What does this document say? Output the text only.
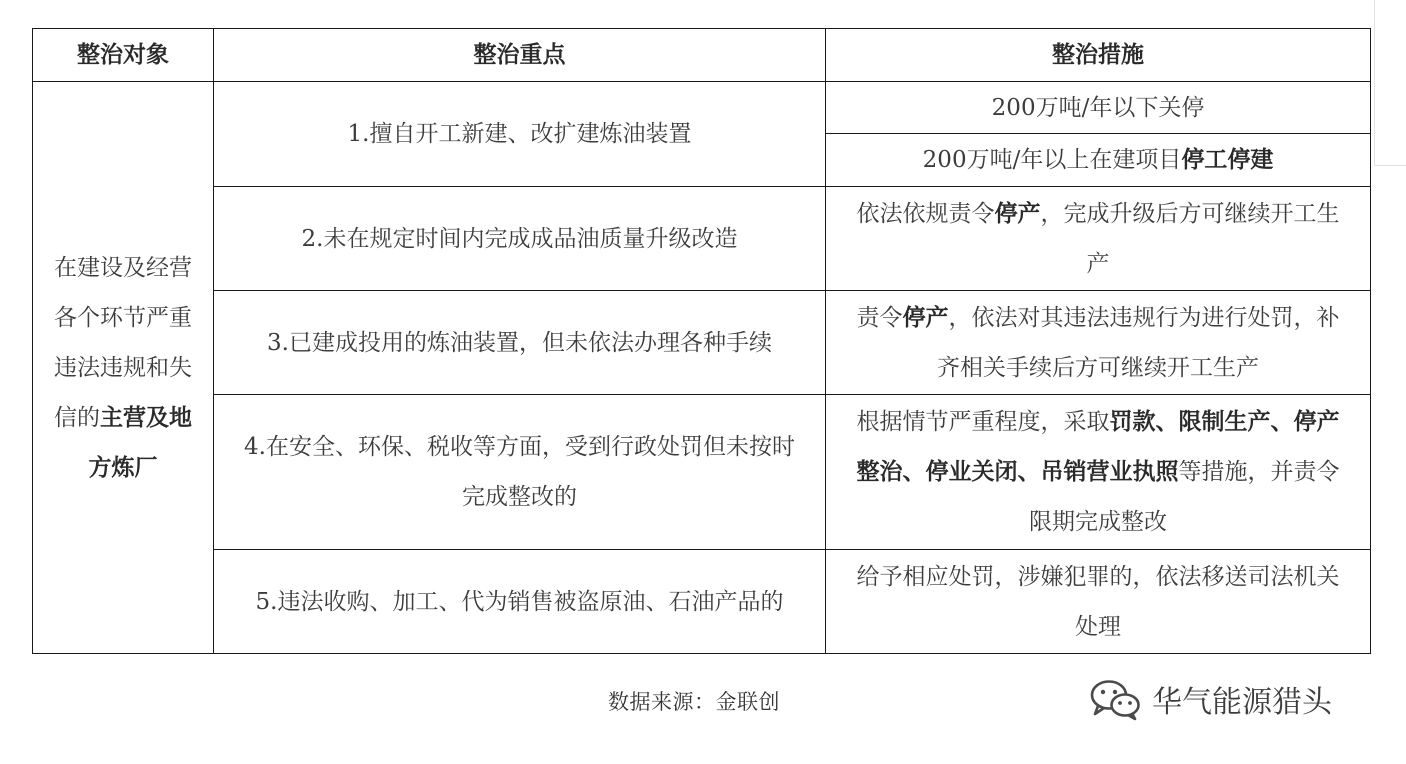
整治对象	整治重点	整治措施
在建设及经营各个环节严重违法违规和失信的主营及地方炼厂	1.擅自开工新建、改扩建炼油装置	200万吨/年以下关停
		200万吨/年以上在建项目停工停建
	2.未在规定时间内完成成品油质量升级改造	依法依规责令停产，完成升级后方可继续开工生产
	3.已建成投用的炼油装置，但未依法办理各种手续	责令停产，依法对其违法违规行为进行处罚，补齐相关手续后方可继续开工生产
	4.在安全、环保、税收等方面，受到行政处罚但未按时完成整改的	根据情节严重程度，采取罚款、限制生产、停产整治、停业关闭、吊销营业执照等措施，并责令限期完成整改
	5.违法收购、加工、代为销售被盗原油、石油产品的	给予相应处罚，涉嫌犯罪的，依法移送司法机关处理
数据来源：金联创	华气能源猎头
